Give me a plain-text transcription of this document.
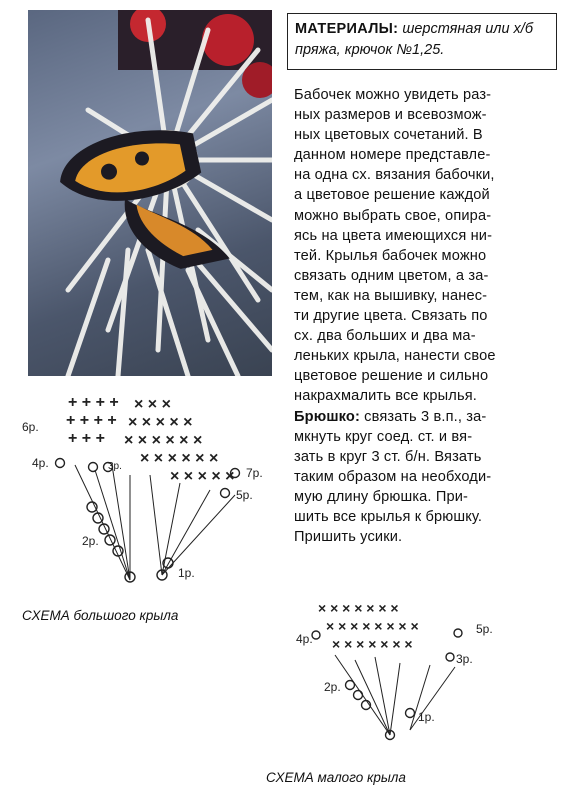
МАТЕРИАЛЫ: шерстяная или х/б пряжа, крючок №1,25.
Бабочек можно увидеть раз-
ных размеров и всевозмож-
ных цветовых сочетаний. В
данном номере представле-
на одна сх. вязания бабочки,
а цветовое решение каждой
можно выбрать свое, опира-
ясь на цвета имеющихся ни-
тей. Крылья бабочек можно
связать одним цветом, а за-
тем, как на вышивку, нанес-
ти другие цвета. Связать по
сх. два больших и два ма-
леньких крыла, нанести свое
цветовое решение и сильно
накрахмалить все крылья.
Брюшко: связать 3 в.п., за-
мкнуть круг соед. ст. и вя-
зать в круг 3 ст. б/н. Вязать
таким образом на необходи-
мую длину брюшка. При-
шить все крылья к брюшку.
Пришить усики.
+ + + + × × ×
+ + + + × × × × ×
+ + + × × × × × ×
× × × × × ×
× × × × ×
6р.
4р.	3р.	7р.
5р.
2р.
1р.
СХЕМА большого крыла	× × × × × × ×
× × × × × × × ×
× × × × × × ×
5р.
4р.
3р.
2р.
1р.
СХЕМА малого крыла
